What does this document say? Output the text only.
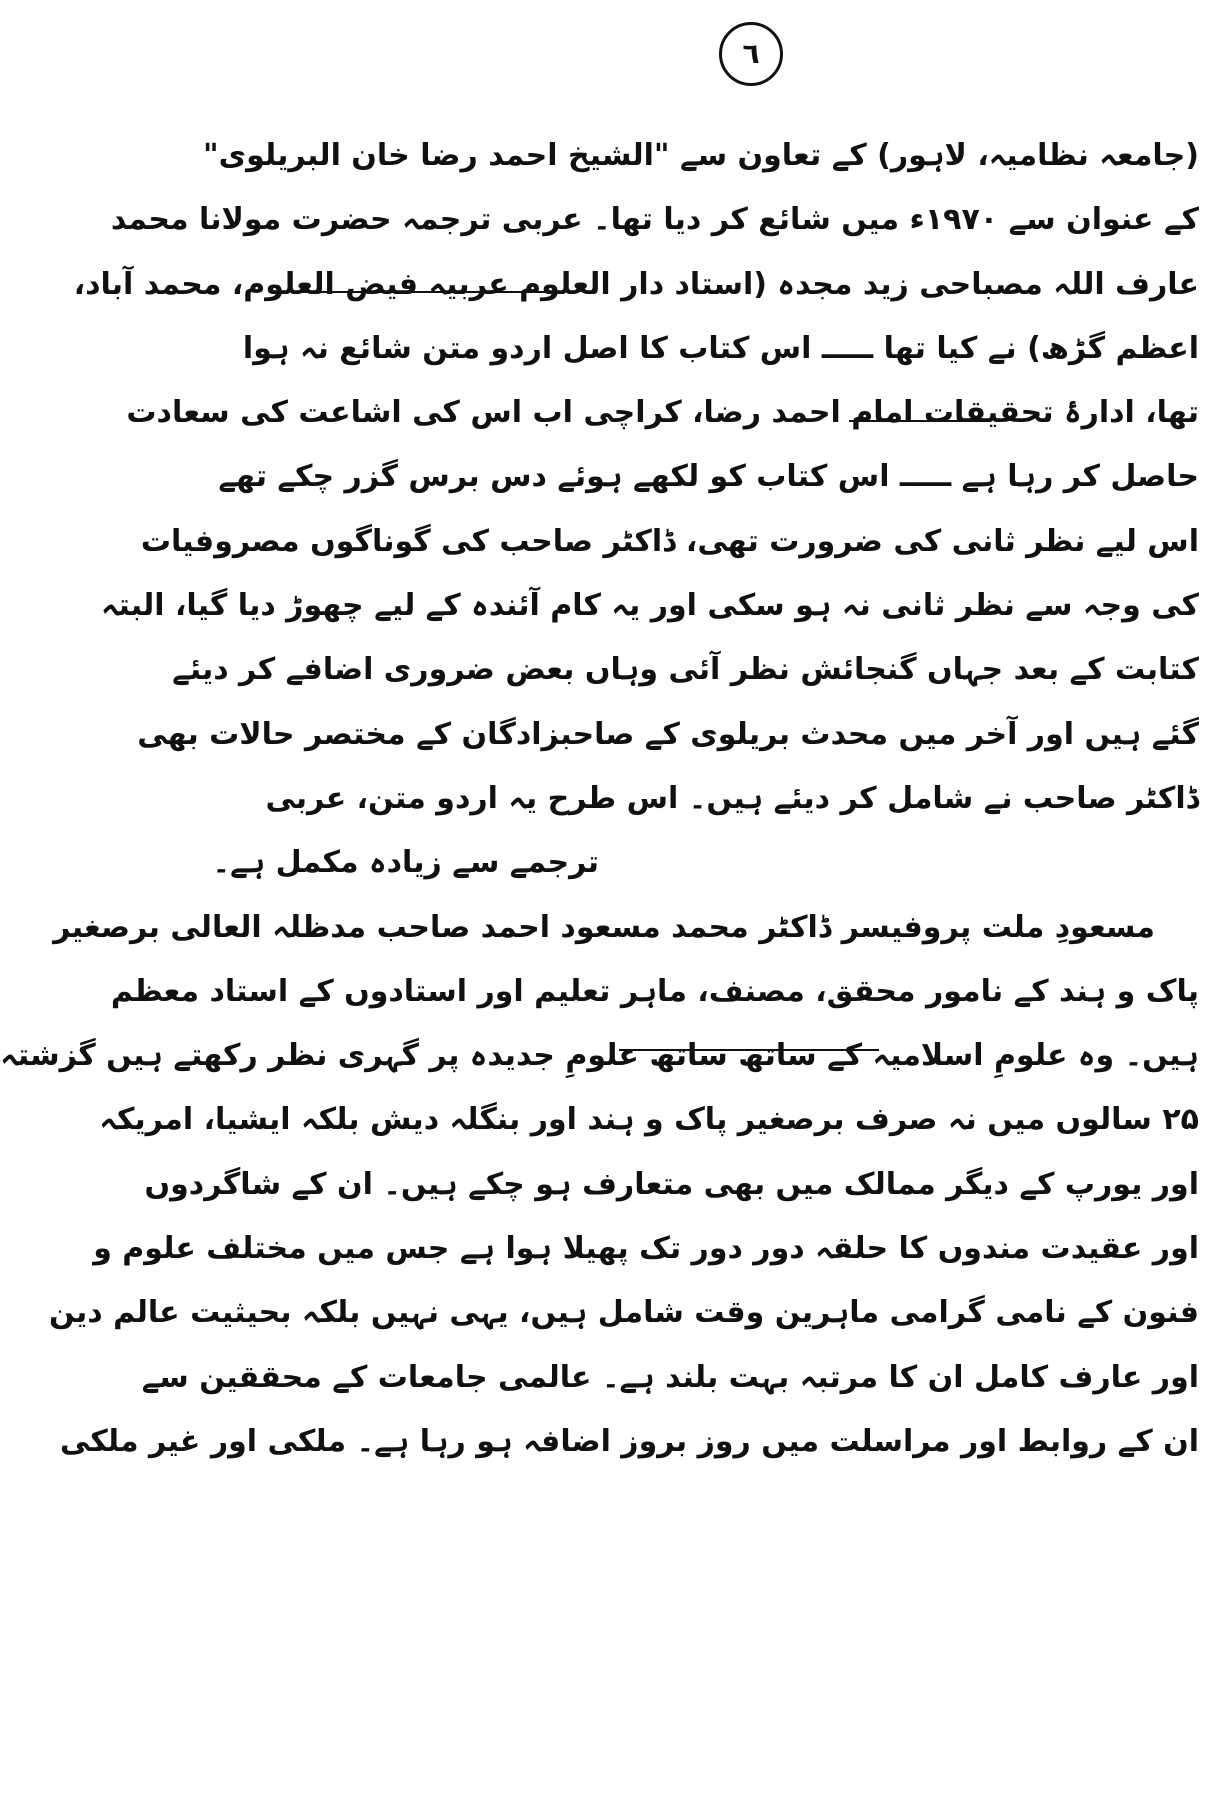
٦
(جامعہ نظامیہ، لاہور) کے تعاون سے "الشیخ احمد رضا خان البریلوی"
کے عنوان سے ۱۹۷۰ء میں شائع کر دیا تھا۔ عربی ترجمہ حضرت مولانا محمد
عارف اللہ مصباحی زید مجدہ (استاد دار العلوم عربیہ فیض العلوم، محمد آباد،
اعظم گڑھ) نے کیا تھا ـــــ اس کتاب کا اصل اردو متن شائع نہ ہوا
تھا، ادارۂ تحقیقات امام احمد رضا، کراچی اب اس کی اشاعت کی سعادت
حاصل کر رہا ہے ـــــ اس کتاب کو لکھے ہوئے دس برس گزر چکے تھے
اس لیے نظر ثانی کی ضرورت تھی، ڈاکٹر صاحب کی گوناگوں مصروفیات
کی وجہ سے نظر ثانی نہ ہو سکی اور یہ کام آئندہ کے لیے چھوڑ دیا گیا، البتہ
کتابت کے بعد جہاں گنجائش نظر آئی وہاں بعض ضروری اضافے کر دیئے
گئے ہیں اور آخر میں محدث بریلوی کے صاحبزادگان کے مختصر حالات بھی
ڈاکٹر صاحب نے شامل کر دیئے ہیں۔ اس طرح یہ اردو متن، عربی
ترجمے سے زیادہ مکمل ہے۔
مسعودِ ملت پروفیسر ڈاکٹر محمد مسعود احمد صاحب مدظلہ العالی برصغیر
پاک و ہند کے نامور محقق، مصنف، ماہر تعلیم اور استادوں کے استاد معظم
ہیں۔ وہ علومِ اسلامیہ کے ساتھ ساتھ علومِ جدیدہ پر گہری نظر رکھتے ہیں گزشتہ
۲۵ سالوں میں نہ صرف برصغیر پاک و ہند اور بنگلہ دیش بلکہ ایشیا، امریکہ
اور یورپ کے دیگر ممالک میں بھی متعارف ہو چکے ہیں۔ ان کے شاگردوں
اور عقیدت مندوں کا حلقہ دور دور تک پھیلا ہوا ہے جس میں مختلف علوم و
فنون کے نامی گرامی ماہرین وقت شامل ہیں، یہی نہیں بلکہ بحیثیت عالم دین
اور عارف کامل ان کا مرتبہ بہت بلند ہے۔ عالمی جامعات کے محققین سے
ان کے روابط اور مراسلت میں روز بروز اضافہ ہو رہا ہے۔ ملکی اور غیر ملکی
